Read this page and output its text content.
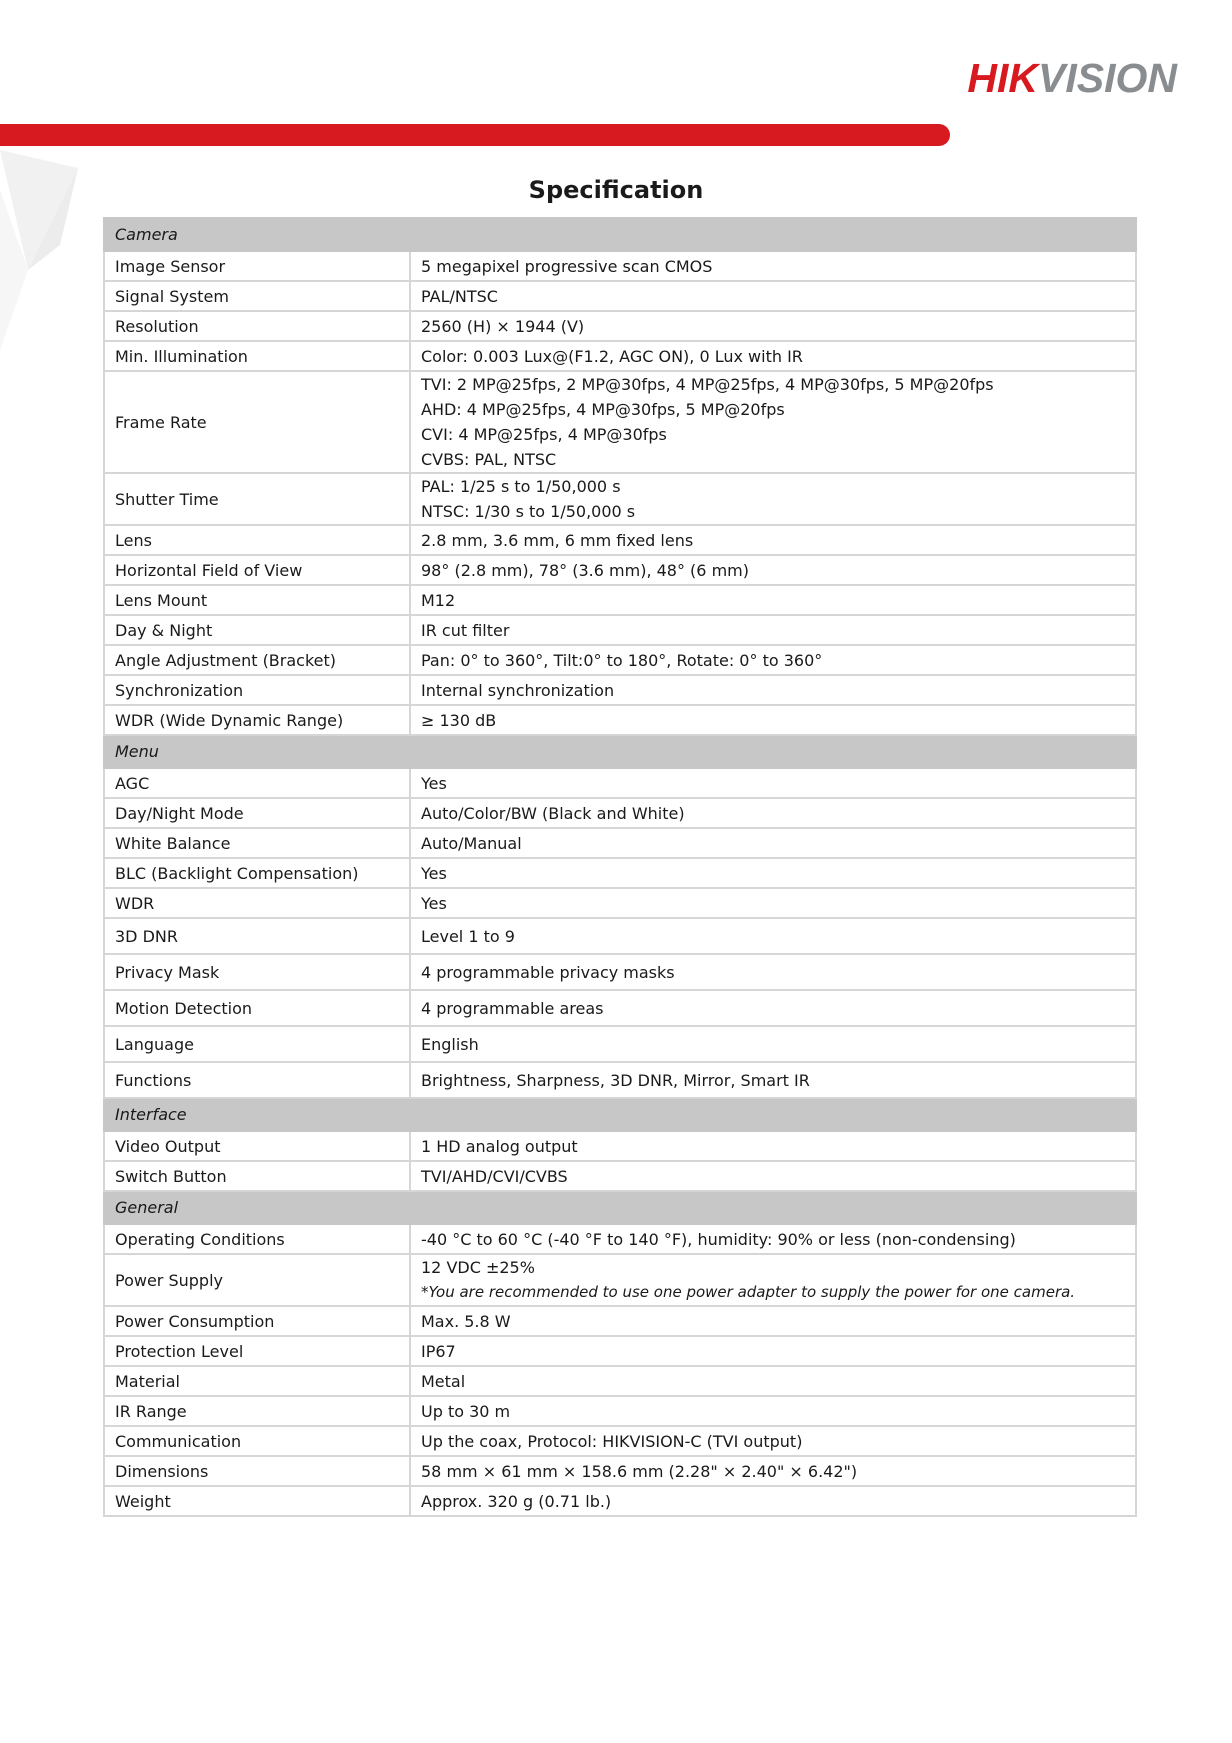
HIKVISION
Specification
Camera	
Image Sensor	5 megapixel progressive scan CMOS

Signal System	PAL/NTSC

Resolution	2560 (H) × 1944 (V)

Min. Illumination	Color: 0.003 Lux@(F1.2, AGC ON), 0 Lux with IR

Frame Rate	TVI: 2 MP@25fps, 2 MP@30fps, 4 MP@25fps, 4 MP@30fps, 5 MP@20fps
AHD: 4 MP@25fps, 4 MP@30fps, 5 MP@20fps
CVI: 4 MP@25fps, 4 MP@30fps
CVBS: PAL, NTSC

Shutter Time	PAL: 1/25 s to 1/50,000 s
NTSC: 1/30 s to 1/50,000 s

Lens	2.8 mm, 3.6 mm, 6 mm fixed lens

Horizontal Field of View	98° (2.8 mm), 78° (3.6 mm), 48° (6 mm)

Lens Mount	M12

Day & Night	IR cut filter

Angle Adjustment (Bracket)	Pan: 0° to 360°, Tilt:0° to 180°, Rotate: 0° to 360°

Synchronization	Internal synchronization

WDR (Wide Dynamic Range)	≥ 130 dB

Menu	
AGC	Yes

Day/Night Mode	Auto/Color/BW (Black and White)

White Balance	Auto/Manual

BLC (Backlight Compensation)	Yes

WDR	Yes

3D DNR	Level 1 to 9

Privacy Mask	4 programmable privacy masks

Motion Detection	4 programmable areas

Language	English

Functions	Brightness, Sharpness, 3D DNR, Mirror, Smart IR

Interface	
Video Output	1 HD analog output

Switch Button	TVI/AHD/CVI/CVBS

General	
Operating Conditions	-40 °C to 60 °C (-40 °F to 140 °F), humidity: 90% or less (non-condensing)

Power Supply	12 VDC ±25%
*You are recommended to use one power adapter to supply the power for one camera.

Power Consumption	Max. 5.8 W

Protection Level	IP67

Material	Metal

IR Range	Up to 30 m

Communication	Up the coax, Protocol: HIKVISION-C (TVI output)

Dimensions	58 mm × 61 mm × 158.6 mm (2.28" × 2.40" × 6.42")

Weight	Approx. 320 g (0.71 lb.)
